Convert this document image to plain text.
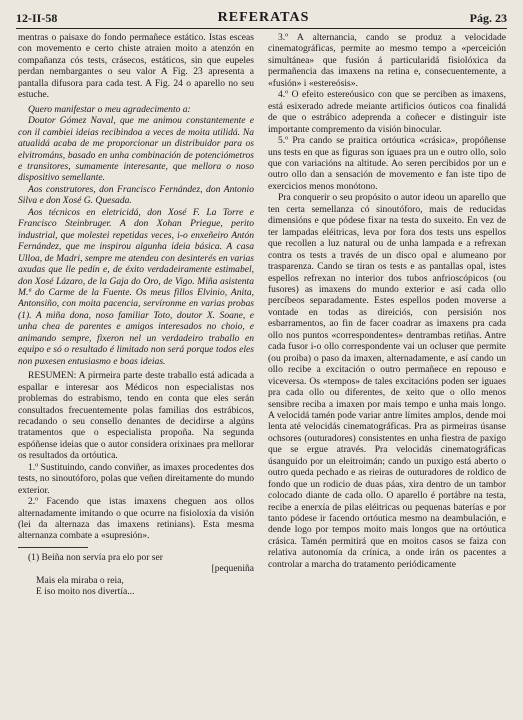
12-II-58	REFERATAS	Pág. 23

mentras o paisaxe do fondo permañece estático. Istas esceas con movemento e certo chiste atraien moito a atenzón en compañanza cós tests, crásecos, estáticos, sin que eupeles perdan nembargantes o seu valor A Fig. 23 apresenta a pantalla difusora para cada test. A Fig. 24 o aparello no seu estuche.

Quero manifestar o meu agradecimento a:

Doutor Gómez Naval, que me animou constantemente e con il cambiei ideias recibindoa a veces de moita utilidá. Na atualidá acaba de me proporcionar un distribuidor para os elvitrománs, basado en unha combinación de potenciómetros e transitores, sumamente interesante, que mellora o noso dispositivo semellante.

Aos construtores, don Francisco Fernández, don Antonio Silva e don Xosé G. Quesada.

Aos técnicos en eletricidá, don Xosé F. La Torre e Francisco Steinbruger. A don Xohan Priegue, perito industrial, que molestei repetidas veces, i-o enxeñeiro Antón Fernández, que me inspirou algunha ideia básica. A casa Ulloa, de Madri, sempre me atendeu con desinterés en varias axudas que lle pedín e, de éxito verdadeiramente estimabel, don Xosé Lázaro, de la Gaja do Oro, de Vigo. Miña asistenta M.ª do Carme de la Fuente. Os meus fillos Elvinio, Anita, Antonsiño, con moita pacencia, servíronme en varias probas (1). A miña dona, noso familiar Toto, doutor X. Soane, e unha chea de parentes e amigos interesados no choio, e animando sempre, fixeron nel un verdadeiro traballo en equipo e só o resultado é limitado non será porque todos eles non puxesen entusiasmo e boas ideias.

RESUMEN: A pirmeira parte deste traballo está adicada a espallar e interesar aos Médicos non especialistas nos problemas do estrabismo, tendo en conta que eles serán consultados frecuentemente polas familias dos estrábicos, recadando o seu consello denantes de decidirse a algúns tratamentos que o especialista propoña. Na segunda espóñense ideias que o autor considera orixinaes pra mellorar os resultados da ortóutica.

1.º Sustituindo, cando conviñer, as imaxes procedentes dos tests, no sinoutóforo, polas que veñen direitamente do mundo exterior.

2.º Facendo que istas imaxens cheguen aos ollos alternadamente imitando o que ocurre na fisioloxía da visión (lei da alternaza das imaxens retinians). Esta mesma alternanza combate a «supresión».

(1) Beiña non servía pra elo por ser
[pequeniña
Mais ela miraba o reia,
E iso moito nos divertía...

3.º A alternancia, cando se produz a velocidade cinematográficas, permite ao mesmo tempo a «perceición simultánea» que fusión á particularidá fisiolóxica da permañencia das imaxens na retina e, consecuentemente, a «fusión» i «estereósis».

4.º O efeito estereóusico con que se perciben as imaxens, está esixerado adrede meiante artificios óuticos coa finalidá de que o estrábico adeprenda a coñecer e distinguir iste importante compremento da visión binocular.

5.º Pra cando se praitica ortóutica «crásica», propóñense uns tests en que as figuras son iguaes pra un e outro ollo, solo que con variacións na altitude. Ao seren percibidos por un e outro ollo dan a sensación de movemento e fan iste tipo de exercicios menos monótono.

Pra conquerir o seu propósito o autor ideou un aparello que ten certa semellanza có sinoutóforo, mais de reducidas dimensións e que pódese fixar na testa do suxeito. En vez de ter lampadas eléitricas, leva por fora dos tests uns espellos que recollen a luz natural ou de unha lampada e a refrexan contra os tests a través de un disco opal e alumeano por trasparenza. Cando se tiran os tests e as pantallas opal, istes espellos refrexan no interior dos tubos anfrioscópicos (ou fusores) as imaxens do mundo exterior e así cada ollo percíbeos separadamente. Estes espellos poden moverse a vontade en todas as direiciós, con persisión nos esbarramentos, ao fin de facer coadrar as imaxens pra cada ollo nos puntos «correspondentes» dentrambas retiñas. Antre cada fusor i-o ollo correspondente vai un ocluser que permite (ou proiba) o paso da imaxen, alternadamente, e así cando un ollo recibe a excitación o outro permañece en repouso e viceversa. Os «tempos» de tales excitacións poden ser iguaes pra cada ollo ou diferentes, de xeito que o ollo menos sensibre reciba a imaxen por mais tempo e unha mais longo. A velocidá tamén pode variar antre límites amplos, dende moi lenta até velocidás cinematográficas. Pra as pirmeiras úsanse ochsores (outuradores) consistentes en unha fiestra de paxigo que se ergue através. Pra velocidás cinematográficas úsanguido por un eleitroimán; cando un puxigo está aberto o outro queda pechado e as rieiras de outuradores de roldico de fondo que un rodicio de duas páas, xira dentro de un tambor colocado diante de cada ollo. O aparello é portábre na testa, recibe a enerxía de pilas eléitricas ou pequenas baterías e por tanto pódese ir facendo ortóutica mesmo na deambulación, e dende logo por tempos moito mais longos que na ortóutica crásica. Tamén permitirá que en moitos casos se faiza con relativa autonomía da crínica, a onde irán os pacentes a controlar a marcha do tratamento periódicamente
